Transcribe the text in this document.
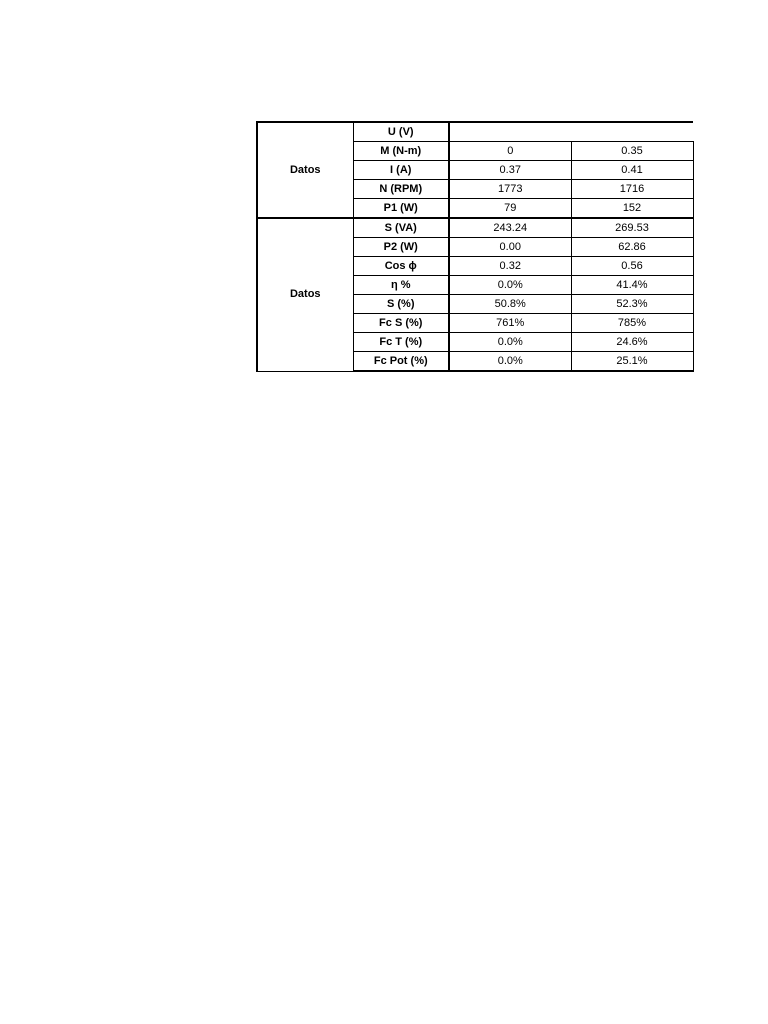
Datos	U (V)		
	M (N-m)	0	0.35
	I (A)	0.37	0.41
	N (RPM)	1773	1716
	P1 (W)	79	152
Datos	S (VA)	243.24	269.53
	P2 (W)	0.00	62.86
	Cos ϕ	0.32	0.56
	η %	0.0%	41.4%
	S (%)	50.8%	52.3%
	Fc S (%)	761%	785%
	Fc T (%)	0.0%	24.6%
	Fc Pot (%)	0.0%	25.1%
